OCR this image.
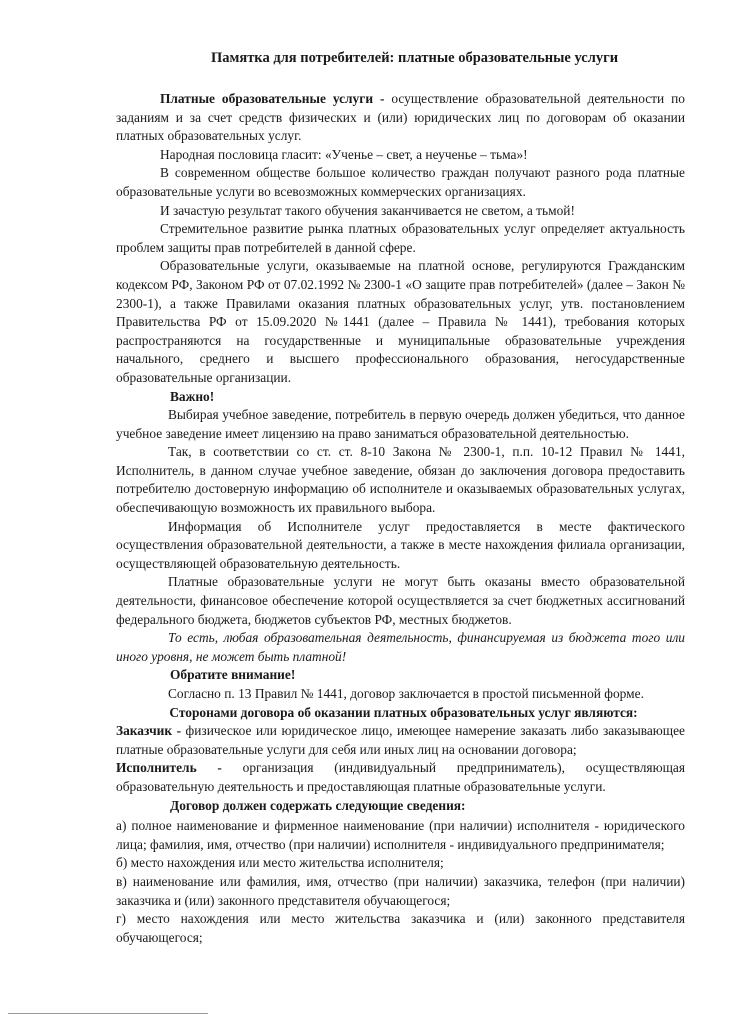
Памятка для потребителей: платные образовательные услуги

Платные образовательные услуги - осуществление образовательной деятельности по заданиям и за счет средств физических и (или) юридических лиц по договорам об оказании платных образовательных услуг.

Народная пословица гласит: «Ученье – свет, а неученье – тьма»!

В современном обществе большое количество граждан получают разного рода платные образовательные услуги во всевозможных коммерческих организациях.

И зачастую результат такого обучения заканчивается не светом, а тьмой!

Стремительное развитие рынка платных образовательных услуг определяет актуальность проблем защиты прав потребителей в данной сфере.

Образовательные услуги, оказываемые на платной основе, регулируются Гражданским кодексом РФ, Законом РФ от 07.02.1992 № 2300-1 «О защите прав потребителей» (далее – Закон № 2300-1), а также Правилами оказания платных образовательных услуг, утв. постановлением Правительства РФ от 15.09.2020 №1441 (далее – Правила № 1441), требования которых распространяются на государственные и муниципальные образовательные учреждения начального, среднего и высшего профессионального образования, негосударственные образовательные организации.

Важно!

Выбирая учебное заведение, потребитель в первую очередь должен убедиться, что данное учебное заведение имеет лицензию на право заниматься образовательной деятельностью.

Так, в соответствии со ст. ст. 8-10 Закона № 2300-1, п.п. 10-12 Правил № 1441, Исполнитель, в данном случае учебное заведение, обязан до заключения договора предоставить потребителю достоверную информацию об исполнителе и оказываемых образовательных услугах, обеспечивающую возможность их правильного выбора.

Информация об Исполнителе услуг предоставляется в месте фактического осуществления образовательной деятельности, а также в месте нахождения филиала организации, осуществляющей образовательную деятельность.

Платные образовательные услуги не могут быть оказаны вместо образовательной деятельности, финансовое обеспечение которой осуществляется за счет бюджетных ассигнований федерального бюджета, бюджетов субъектов РФ, местных бюджетов.

То есть, любая образовательная деятельность, финансируемая из бюджета того или иного уровня, не может быть платной!

Обратите внимание!

Согласно п. 13 Правил № 1441, договор заключается в простой письменной форме.

Сторонами договора об оказании платных образовательных услуг являются:

Заказчик - физическое или юридическое лицо, имеющее намерение заказать либо заказывающее платные образовательные услуги для себя или иных лиц на основании договора;

Исполнитель - организация (индивидуальный предприниматель), осуществляющая образовательную деятельность и предоставляющая платные образовательные услуги.

Договор должен содержать следующие сведения:

а) полное наименование и фирменное наименование (при наличии) исполнителя - юридического лица; фамилия, имя, отчество (при наличии) исполнителя - индивидуального предпринимателя;

б) место нахождения или место жительства исполнителя;

в) наименование или фамилия, имя, отчество (при наличии) заказчика, телефон (при наличии) заказчика и (или) законного представителя обучающегося;

г) место нахождения или место жительства заказчика и (или) законного представителя обучающегося;
